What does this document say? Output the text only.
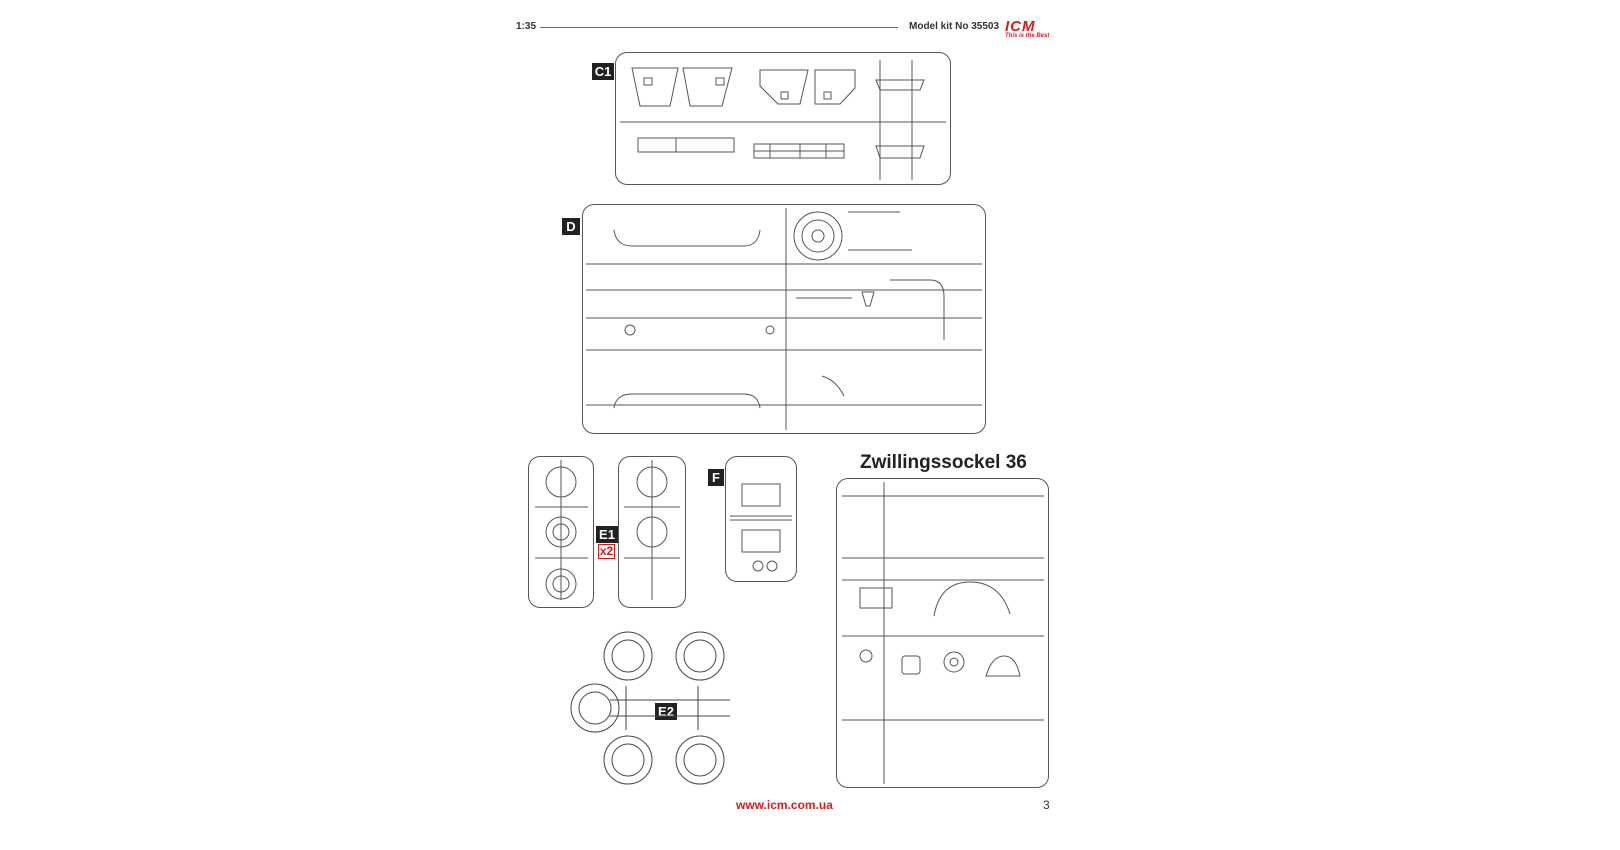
1:35	Model kit No 35503 ICM
This is the Best
C1
D
E1
x2
F
Zwillingssockel 36
E2
www.icm.com.ua	3
